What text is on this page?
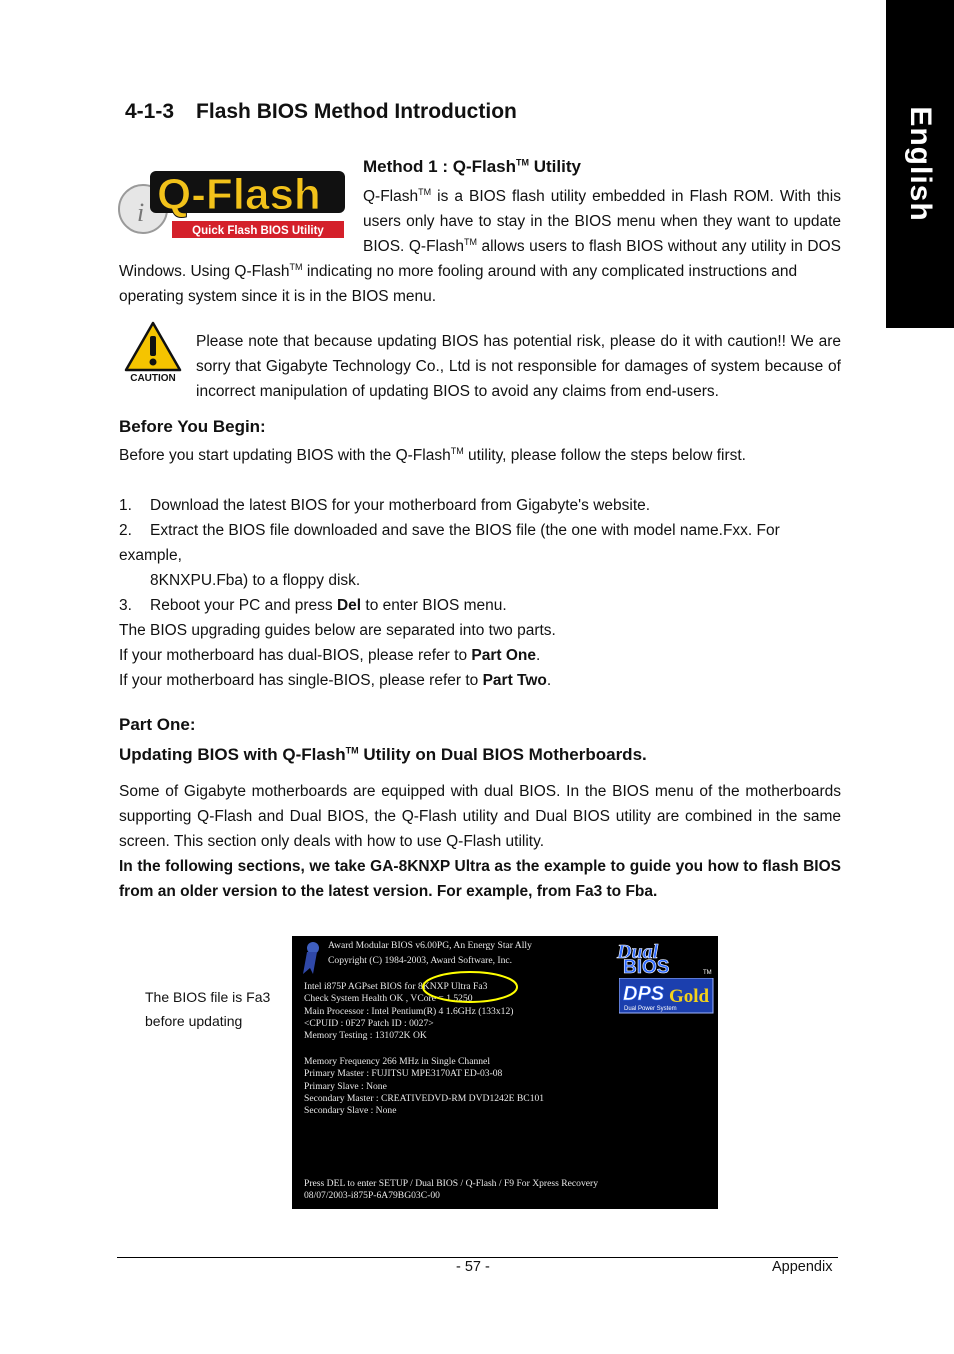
English
4-1-3 Flash BIOS Method Introduction
i Q-Flash
Quick Flash BIOS Utility
Method 1 : Q-Flash™ Utility
Q-Flash™ is a BIOS flash utility embedded in Flash ROM. With this
users only have to stay in the BIOS menu when they want to update
BIOS. Q-Flash™ allows users to flash BIOS without any utility in DOS
Windows. Using Q-Flash™ indicating no more fooling around with any complicated instructions and
operating system since it is in the BIOS menu.
CAUTION
Please note that because updating BIOS has potential risk, please do it with caution!! We are
sorry that Gigabyte Technology Co., Ltd is not responsible for damages of system because of
incorrect manipulation of updating BIOS to avoid any claims from end-users.
Before You Begin:
Before you start updating BIOS with the Q-Flash™ utility, please follow the steps below first.
1. Download the latest BIOS for your motherboard from Gigabyte's website.
2. Extract the BIOS file downloaded and save the BIOS file (the one with model name.Fxx. For example,
8KNXPU.Fba) to a floppy disk.
3. Reboot your PC and press Del to enter BIOS menu.
The BIOS upgrading guides below are separated into two parts.
If your motherboard has dual-BIOS, please refer to Part One.
If your motherboard has single-BIOS, please refer to Part Two.
Part One:
Updating BIOS with Q-Flash™ Utility on Dual BIOS Motherboards.
Some of Gigabyte motherboards are equipped with dual BIOS. In the BIOS menu of the motherboards
supporting Q-Flash and Dual BIOS, the Q-Flash utility and Dual BIOS utility are combined in the same
screen. This section only deals with how to use Q-Flash utility.
In the following sections, we take GA-8KNXP Ultra as the example to guide you how to flash BIOS
from an older version to the latest version. For example, from Fa3 to Fba.
The BIOS file is Fa3
before updating
Award Modular BIOS v6.00PG, An Energy Star Ally
Copyright (C) 1984-2003, Award Software, Inc.
Intel i875P AGPset BIOS for 8KNXP Ultra Fa3
Check System Health OK , VCore = 1.5250
Main Processor : Intel Pentium(R) 4 1.6GHz (133x12)
<CPUID : 0F27 Patch ID : 0027>
Memory Testing : 131072K OK
Memory Frequency 266 MHz in Single Channel
Primary Master : FUJITSU MPE3170AT ED-03-08
Primary Slave : None
Secondary Master : CREATIVEDVD-RM DVD1242E BC101
Secondary Slave : None
Press DEL to enter SETUP / Dual BIOS / Q-Flash / F9 For Xpress Recovery
08/07/2003-i875P-6A79BG03C-00
Dual
BIOS	TM
DPS Gold
Dual Power System
- 57 -	Appendix
